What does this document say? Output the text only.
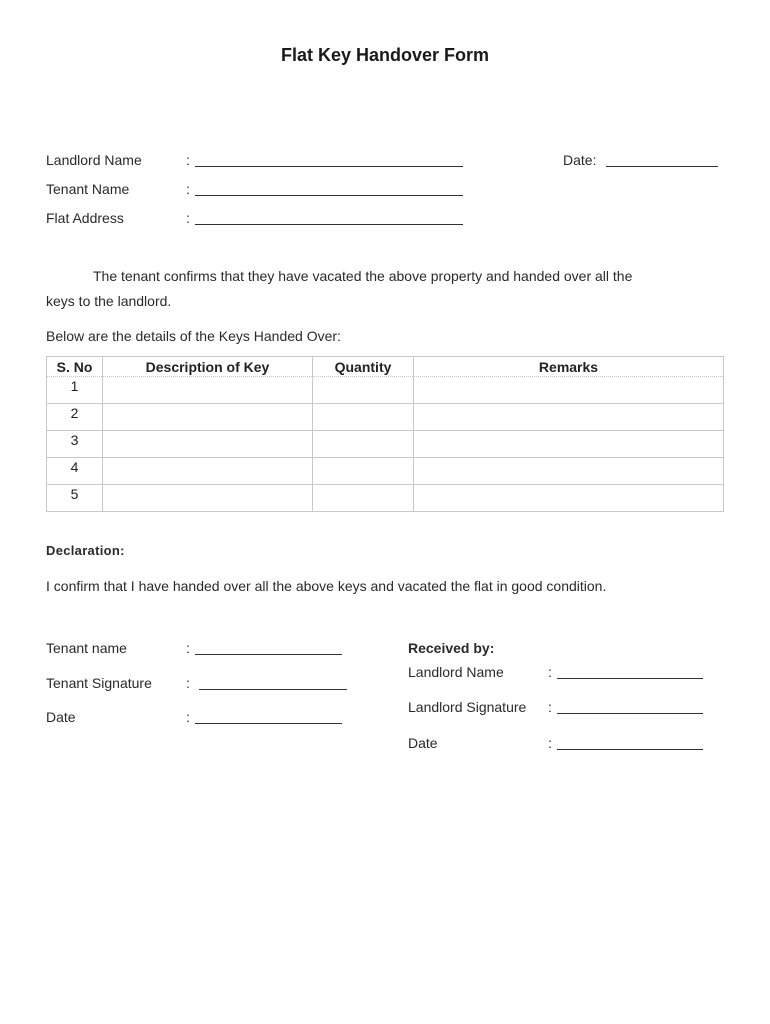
Flat Key Handover Form
Landlord Name	:	Date:
Tenant Name	:
Flat Address	:
The tenant confirms that they have vacated the above property and handed over all the
keys to the landlord.
Below are the details of the Keys Handed Over:
S. No	Description of Key	Quantity	Remarks
1			
2			
3			
4			
5			
Declaration:
I confirm that I have handed over all the above keys and vacated the flat in good condition.
Tenant name	:
Tenant Signature :
Date	:
Received by:
Landlord Name	:
Landlord Signature :
Date	:
